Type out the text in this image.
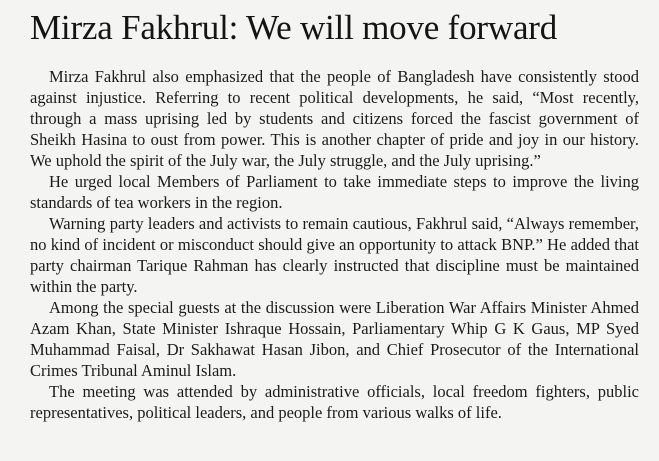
Mirza Fakhrul: We will move forward

Mirza Fakhrul also emphasized that the people of Bangladesh have consistently stood against injustice. Referring to recent political developments, he said, “Most recently, through a mass uprising led by students and citizens forced the fascist government of Sheikh Hasina to oust from power. This is another chapter of pride and joy in our history. We uphold the spirit of the July war, the July struggle, and the July uprising.”

He urged local Members of Parliament to take immediate steps to improve the living standards of tea workers in the region.

Warning party leaders and activists to remain cautious, Fakhrul said, “Always remember, no kind of incident or misconduct should give an opportunity to attack BNP.” He added that party chairman Tarique Rahman has clearly instructed that discipline must be maintained within the party.

Among the special guests at the discussion were Liberation War Affairs Minister Ahmed Azam Khan, State Minister Ishraque Hossain, Parliamentary Whip G K Gaus, MP Syed Muhammad Faisal, Dr Sakhawat Hasan Jibon, and Chief Prosecutor of the International Crimes Tribunal Aminul Islam.

The meeting was attended by administrative officials, local freedom fighters, public representatives, political leaders, and people from various walks of life.
